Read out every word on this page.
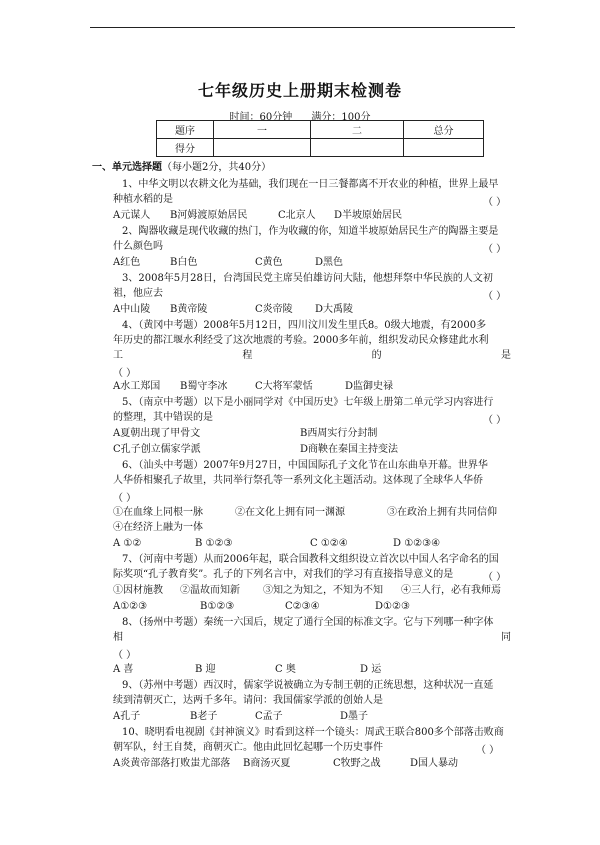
七年级历史上册期末检测卷
时间：60分钟 满分：100分
题序	一	二	总分
得分			
一、单元选择题（每小题2分，共40分）
1、中华文明以农耕文化为基础，我们现在一日三餐都离不开农业的种植，世界上最早
种植水稻的是	（ ）
A元谋人 B河姆渡原始居民	C北京人 D半坡原始居民
2、陶器收藏是现代收藏的热门，作为收藏的你，知道半坡原始居民生产的陶器主要是
什么颜色吗	（ ）
A红色	B白色	C黄色	D黑色
3、2008年5月28日，台湾国民党主席吴伯雄访问大陆，他想拜祭中华民族的人文初
祖，他应去	（ ）
A中山陵 B黄帝陵	C炎帝陵 D大禹陵
4、（黄冈中考题）2008年5月12日，四川汶川发生里氏8。0级大地震，有2000多
年历史的都江堰水利经受了这次地震的考验。2000多年前，组织发动民众修建此水利
工	程	的	是
（ ）
A水工郑国 B蜀守李冰	C大将军蒙恬	D监御史禄
5、（南京中考题）以下是小丽同学对《中国历史》七年级上册第二单元学习内容进行
的整理，其中错误的是	（ ）
A夏朝出现了甲骨文	B西周实行分封制
C孔子创立儒家学派	D商鞅在秦国主持变法
6、（汕头中考题）2007年9月27日，中国国际孔子文化节在山东曲阜开幕。世界华
人华侨相聚孔子故里，共同举行祭孔等一系列文化主题活动。这体现了全球华人华侨
（ ）
①在血缘上同根一脉	②在文化上拥有同一渊源	③在政治上拥有共同信仰
④在经济上融为一体
A ①②	B ①②③	C ①②④	D ①②③④
7、（河南中考题）从而2006年起，联合国教科文组织设立首次以中国人名字命名的国
际奖项“孔子教育奖”。孔子的下列名言中，对我们的学习有直接指导意义的是	（ ）
①因材施教 ②温故而知新 ③知之为知之，不知为不知 ④三人行，必有我师焉
A①②③	B①②③	C②③④	D①②③
8、（扬州中考题）秦统一六国后，规定了通行全国的标准文字。它与下列哪一种字体
相	同
（ ）
A 喜	B 迎	C 奥	D 运
9、（苏州中考题）西汉时，儒家学说被确立为专制王朝的正统思想，这种状况一直延
续到清朝灭亡，达两千多年。请问：我国儒家学派的创始人是
A孔子	B老子	C孟子	D墨子
10、晓明看电视剧《封神演义》时看到这样一个镜头：周武王联合800多个部落击败商
朝军队，纣王自焚，商朝灭亡。他由此回忆起哪一个历史事件	（ ）
A炎黄帝部落打败蚩尤部落 B商汤灭夏	C牧野之战	D国人暴动
